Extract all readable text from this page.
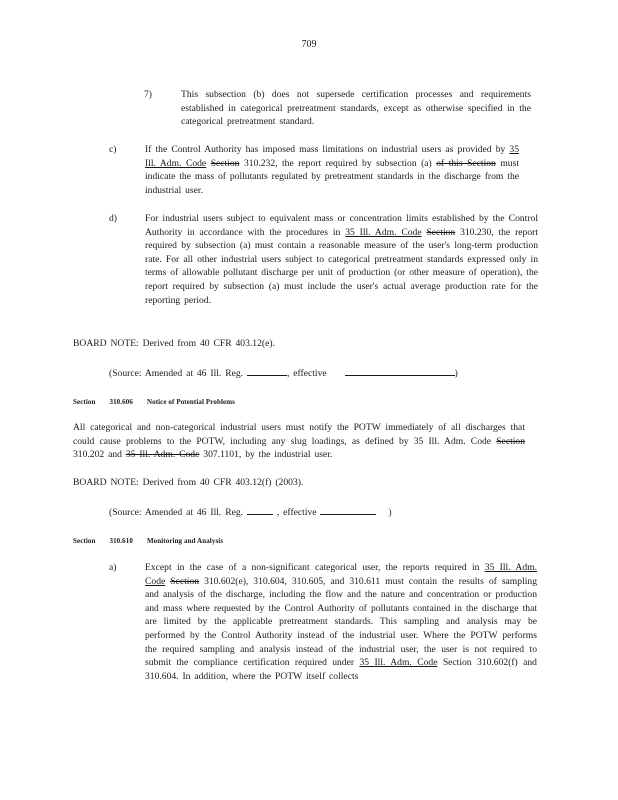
709
7)	This subsection (b) does not supersede certification processes and requirements established in categorical pretreatment standards, except as otherwise specified in the categorical pretreatment standard.
c)	If the Control Authority has imposed mass limitations on industrial users as provided by 35 Ill. Adm. Code Section 310.232, the report required by subsection (a) of this Section must indicate the mass of pollutants regulated by pretreatment standards in the discharge from the industrial user.
d)	For industrial users subject to equivalent mass or concentration limits established by the Control Authority in accordance with the procedures in 35 Ill. Adm. Code Section 310.230, the report required by subsection (a) must contain a reasonable measure of the user's long-term production rate. For all other industrial users subject to categorical pretreatment standards expressed only in terms of allowable pollutant discharge per unit of production (or other measure of operation), the report required by subsection (a) must include the user's actual average production rate for the reporting period.
BOARD NOTE: Derived from 40 CFR 403.12(e).
(Source: Amended at 46 Ill. Reg.	, effective	)
Section 310.606 Notice of Potential Problems
All categorical and non-categorical industrial users must notify the POTW immediately of all discharges that could cause problems to the POTW, including any slug loadings, as defined by 35 Ill. Adm. Code Section 310.202 and 35 Ill. Adm. Code 307.1101, by the industrial user.
BOARD NOTE: Derived from 40 CFR 403.12(f) (2003).
(Source: Amended at 46 Ill. Reg.	, effective	)
Section 310.610 Monitoring and Analysis
a)	Except in the case of a non-significant categorical user, the reports required in 35 Ill. Adm. Code Section 310.602(e), 310.604, 310.605, and 310.611 must contain the results of sampling and analysis of the discharge, including the flow and the nature and concentration or production and mass where requested by the Control Authority of pollutants contained in the discharge that are limited by the applicable pretreatment standards. This sampling and analysis may be performed by the Control Authority instead of the industrial user. Where the POTW performs the required sampling and analysis instead of the industrial user, the user is not required to submit the compliance certification required under 35 Ill. Adm. Code Section 310.602(f) and 310.604. In addition, where the POTW itself collects
